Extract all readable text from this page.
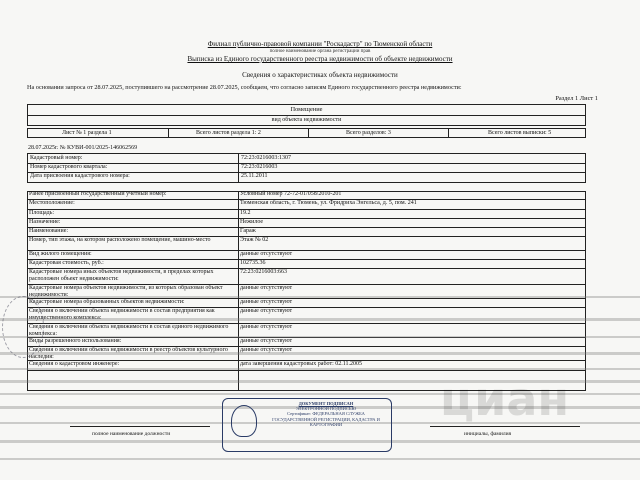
Филиал публично-правовой компании "Роскадастр" по Тюменской области
полное наименование органа регистрации прав
Выписка из Единого государственного реестра недвижимости об объекте недвижимости
Сведения о характеристиках объекта недвижимости
На основании запроса от 28.07.2025, поступившего на рассмотрение 28.07.2025, сообщаем, что согласно записям Единого государственного реестра недвижимости:
Раздел 1 Лист 1
Помещение
вид объекта недвижимости
Лист № 1 раздела 1	Всего листов раздела 1: 2	Всего разделов: 3	Всего листов выписки: 5
28.07.2025г. № КУВИ-001/2025-146062569
Кадастровый номер:	72:23:0216003:1307
Номер кадастрового квартала:	72:23:0216003
Дата присвоения кадастрового номера:	25.11.2011
Ранее присвоенный государственный учетный номер:	Условный номер 72-72-01/058/2010-201
Местоположение:	Тюменская область, г. Тюмень, ул. Фридриха Энгельса, д. 5, пом. 241
Площадь:	19.2
Назначение:	Нежилое
Наименование:	Гараж
Номер, тип этажа, на котором расположено помещение, машино-место	Этаж № 02
Вид жилого помещения:	данные отсутствуют
Кадастровая стоимость, руб.:	102735.36
Кадастровые номера иных объектов недвижимости, в пределах которых расположен объект недвижимости:
72:23:0216003:663
Кадастровые номера объектов недвижимости, из которых образован объект недвижимости:
данные отсутствуют
Кадастровые номера образованных объектов недвижимости:	данные отсутствуют
Сведения о включении объекта недвижимости в состав предприятия как имущественного комплекса:
данные отсутствуют
Сведения о включении объекта недвижимости в состав единого недвижимого комплекса:
данные отсутствуют
Виды разрешенного использования:	данные отсутствуют
Сведения о включении объекта недвижимости в реестр объектов культурного наследия:
данные отсутствуют
Сведения о кадастровом инженере:	дата завершения кадастровых работ: 02.11.2005
циан
ДОКУМЕНТ ПОДПИСАН
ЭЛЕКТРОННОЙ ПОДПИСЬЮ
Сертификат: ФЕДЕРАЛЬНАЯ СЛУЖБА ГОСУДАРСТВЕННОЙ РЕГИСТРАЦИИ, КАДАСТРА И КАРТОГРАФИИ
полное наименование должности	инициалы, фамилия
